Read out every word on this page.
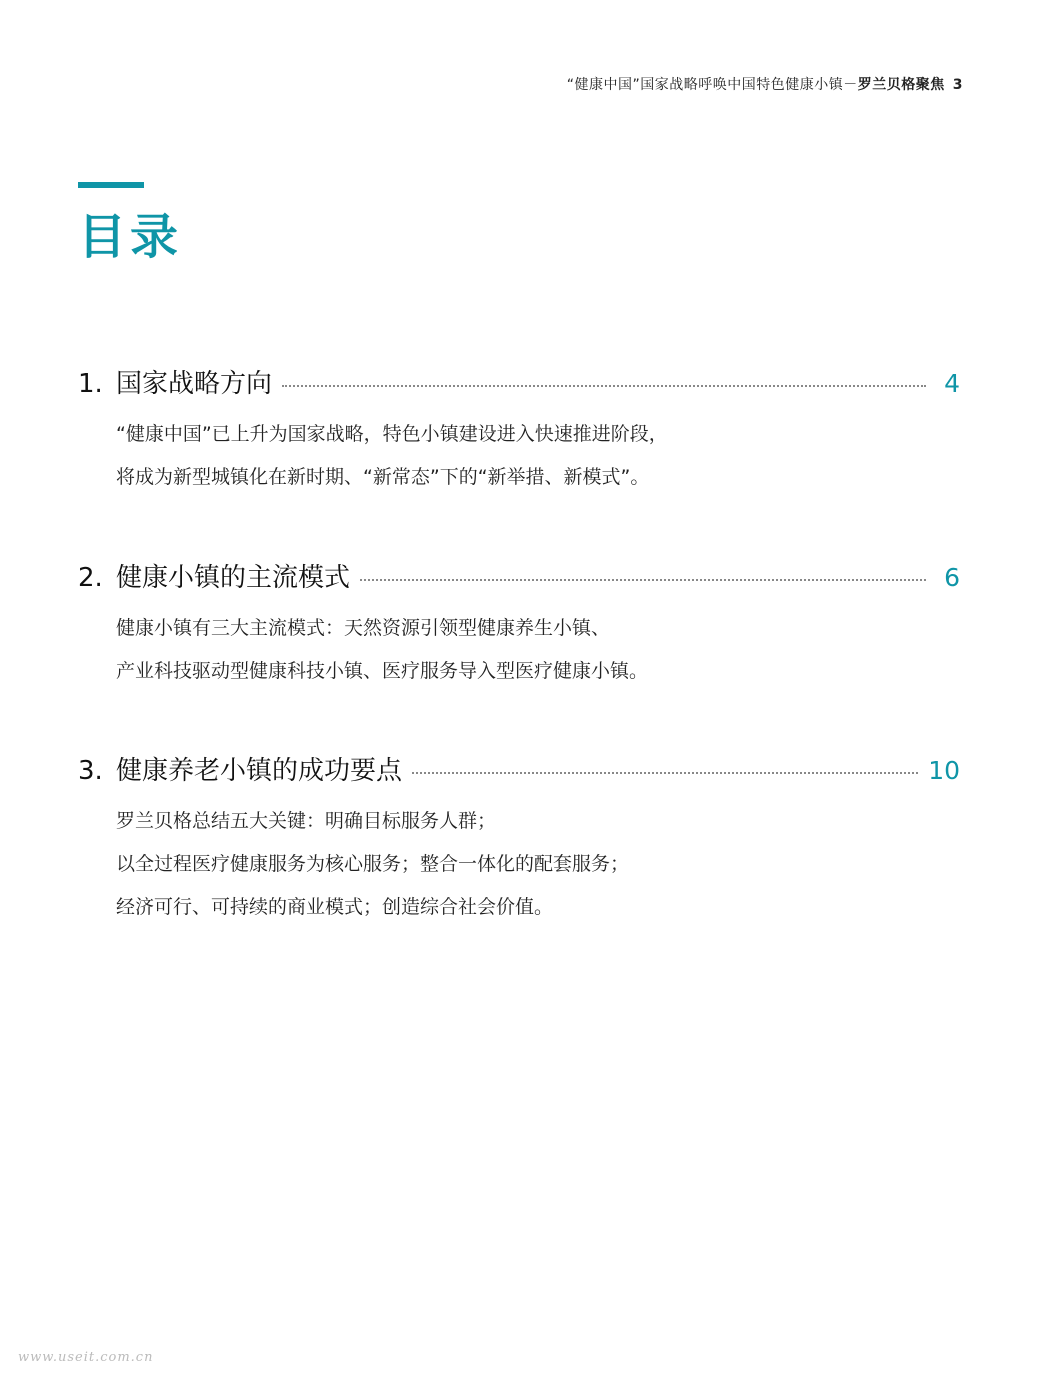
“健康中国”国家战略呼唤中国特色健康小镇－罗兰贝格聚焦 3
目录
1. 国家战略方向	4
“健康中国”已上升为国家战略，特色小镇建设进入快速推进阶段，
将成为新型城镇化在新时期、“新常态”下的“新举措、新模式”。
2. 健康小镇的主流模式	6
健康小镇有三大主流模式：天然资源引领型健康养生小镇、
产业科技驱动型健康科技小镇、医疗服务导入型医疗健康小镇。
3. 健康养老小镇的成功要点	10
罗兰贝格总结五大关键：明确目标服务人群；
以全过程医疗健康服务为核心服务；整合一体化的配套服务；
经济可行、可持续的商业模式；创造综合社会价值。
www.useit.com.cn
